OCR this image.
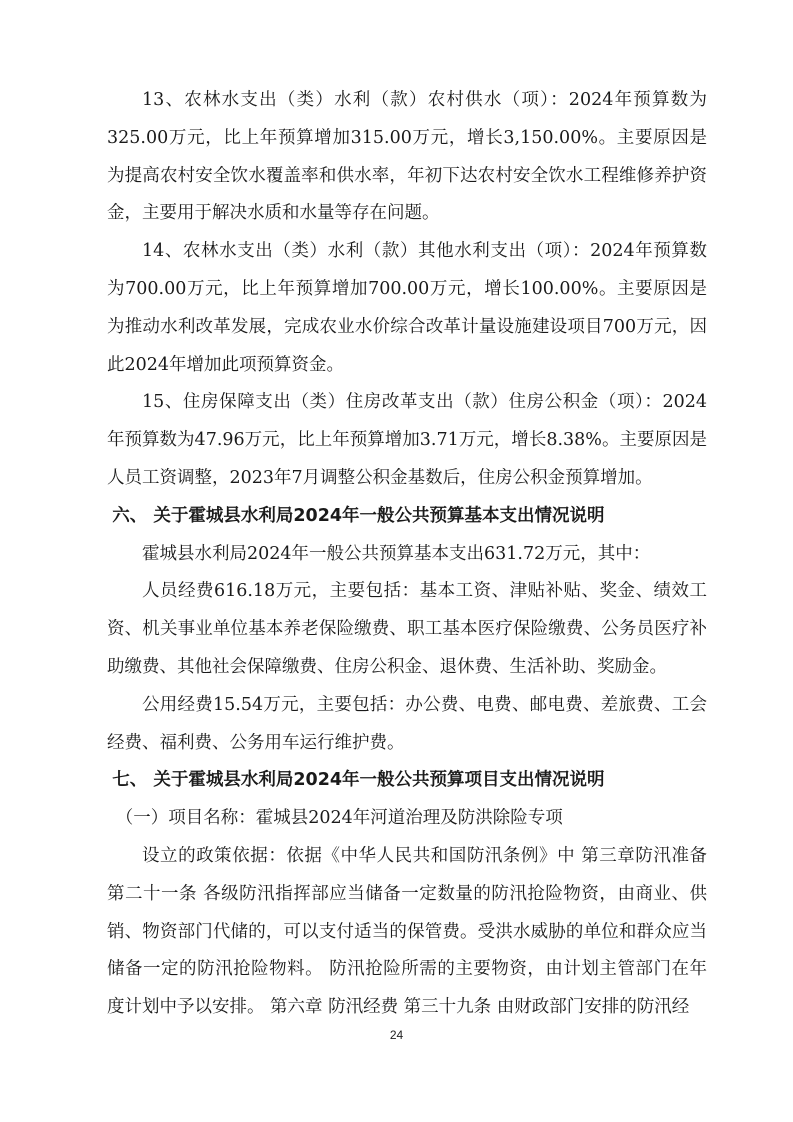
13、农林水支出（类）水利（款）农村供水（项）：2024年预算数为325.00万元，比上年预算增加315.00万元，增长3,150.00%。主要原因是为提高农村安全饮水覆盖率和供水率，年初下达农村安全饮水工程维修养护资金，主要用于解决水质和水量等存在问题。

14、农林水支出（类）水利（款）其他水利支出（项）：2024年预算数为700.00万元，比上年预算增加700.00万元，增长100.00%。主要原因是为推动水利改革发展，完成农业水价综合改革计量设施建设项目700万元，因此2024年增加此项预算资金。

15、住房保障支出（类）住房改革支出（款）住房公积金（项）：2024年预算数为47.96万元，比上年预算增加3.71万元，增长8.38%。主要原因是人员工资调整，2023年7月调整公积金基数后，住房公积金预算增加。

六、 关于霍城县水利局2024年一般公共预算基本支出情况说明

霍城县水利局2024年一般公共预算基本支出631.72万元，其中：

人员经费616.18万元，主要包括：基本工资、津贴补贴、奖金、绩效工资、机关事业单位基本养老保险缴费、职工基本医疗保险缴费、公务员医疗补助缴费、其他社会保障缴费、住房公积金、退休费、生活补助、奖励金。

公用经费15.54万元，主要包括：办公费、电费、邮电费、差旅费、工会经费、福利费、公务用车运行维护费。

七、 关于霍城县水利局2024年一般公共预算项目支出情况说明

（一）项目名称：霍城县2024年河道治理及防洪除险专项

设立的政策依据：依据《中华人民共和国防汛条例》中 第三章防汛准备 第二十一条 各级防汛指挥部应当储备一定数量的防汛抢险物资，由商业、供销、物资部门代储的，可以支付适当的保管费。受洪水威胁的单位和群众应当储备一定的防汛抢险物料。 防汛抢险所需的主要物资，由计划主管部门在年度计划中予以安排。 第六章 防汛经费 第三十九条 由财政部门安排的防汛经

24
